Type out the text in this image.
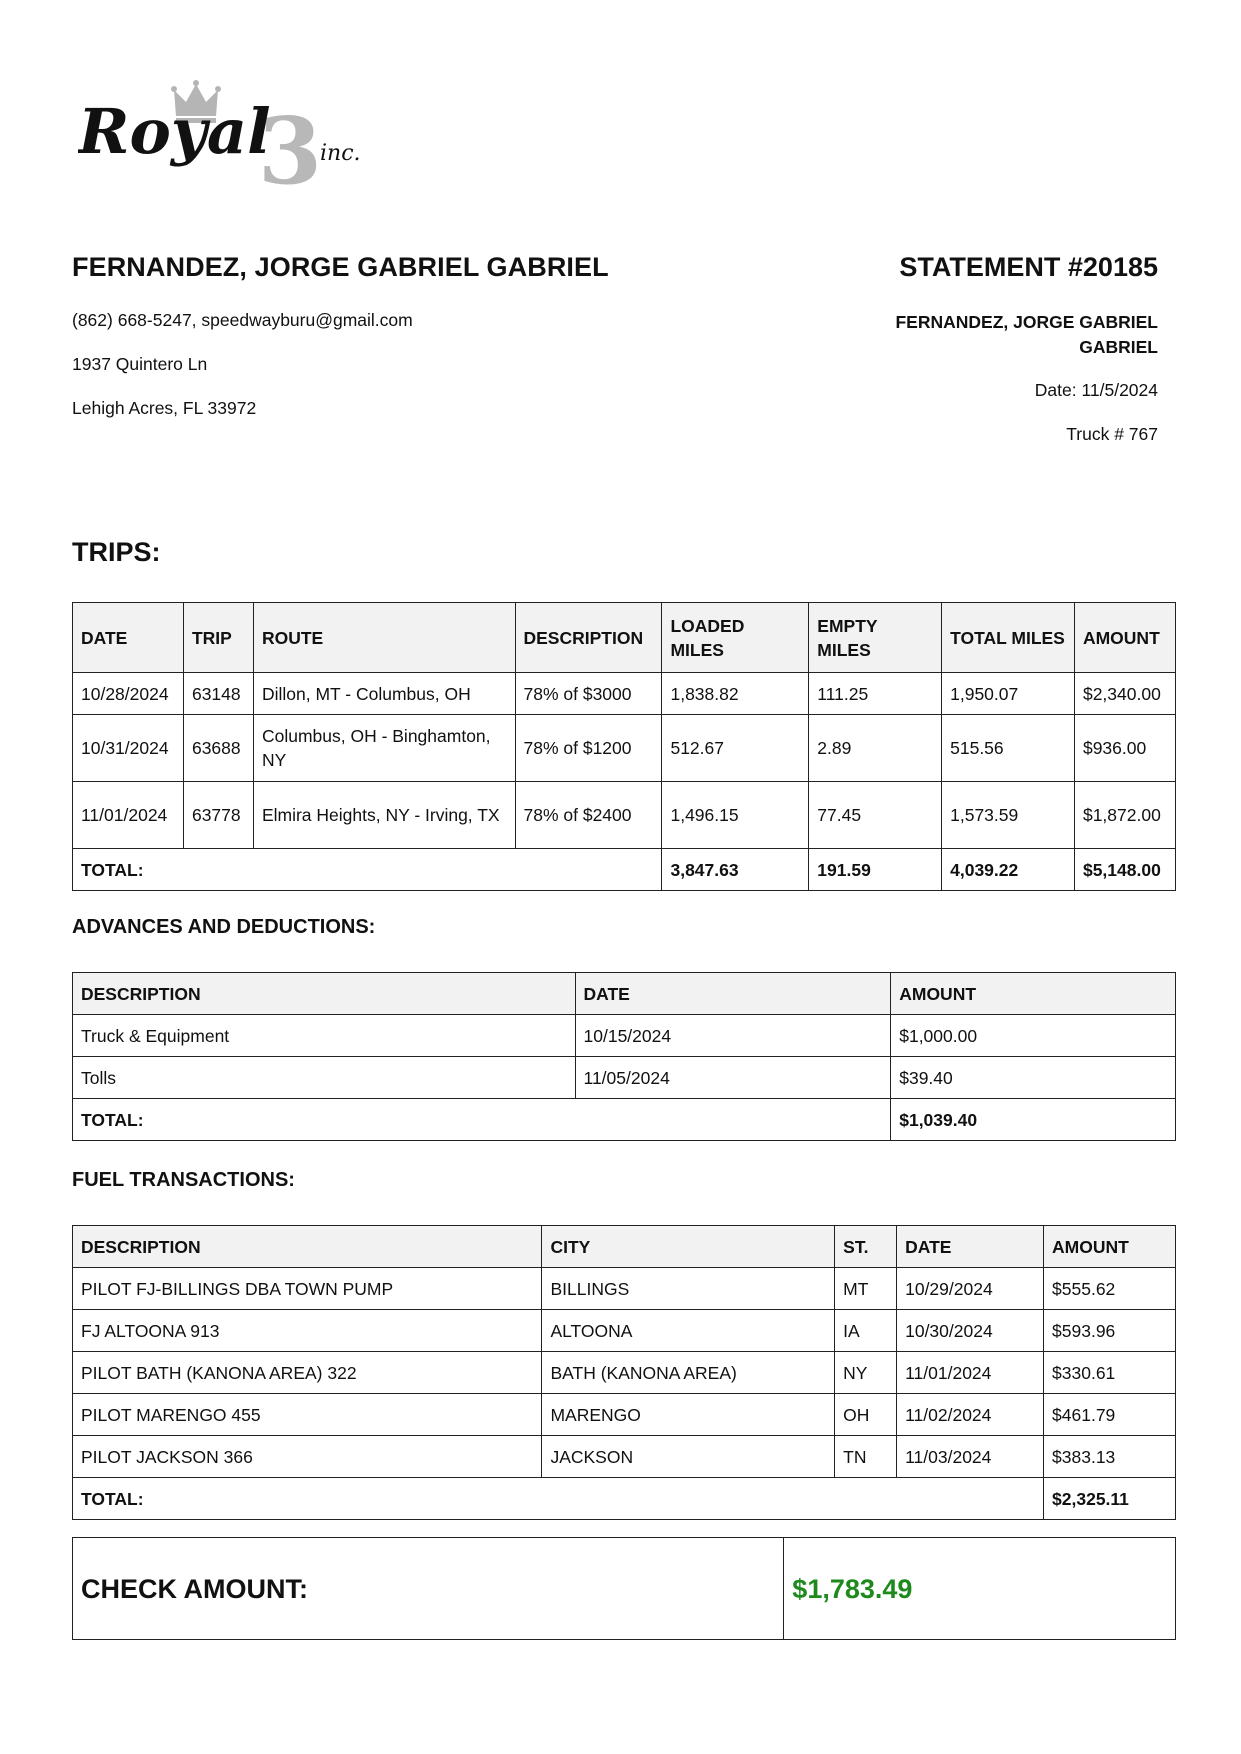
3
Royal inc.
FERNANDEZ, JORGE GABRIEL GABRIEL
(862) 668-5247, speedwayburu@gmail.com
1937 Quintero Ln
Lehigh Acres, FL 33972
STATEMENT #20185
FERNANDEZ, JORGE GABRIEL GABRIEL
Date: 11/5/2024
Truck # 767
TRIPS:
DATE	TRIP	ROUTE	DESCRIPTION	LOADED MILES	EMPTY MILES	TOTAL MILES	AMOUNT
10/28/2024	63148	Dillon, MT - Columbus, OH	78% of $3000	1,838.82	111.25	1,950.07	$2,340.00
10/31/2024	63688	Columbus, OH - Binghamton, NY	78% of $1200	512.67	2.89	515.56	$936.00
11/01/2024	63778	Elmira Heights, NY - Irving, TX	78% of $2400	1,496.15	77.45	1,573.59	$1,872.00
TOTAL:				3,847.63	191.59	4,039.22	$5,148.00
ADVANCES AND DEDUCTIONS:
DESCRIPTION	DATE	AMOUNT
Truck & Equipment	10/15/2024	$1,000.00
Tolls	11/05/2024	$39.40
TOTAL:		$1,039.40
FUEL TRANSACTIONS:
DESCRIPTION	CITY	ST.	DATE	AMOUNT
PILOT FJ-BILLINGS DBA TOWN PUMP	BILLINGS	MT	10/29/2024	$555.62
FJ ALTOONA 913	ALTOONA	IA	10/30/2024	$593.96
PILOT BATH (KANONA AREA) 322	BATH (KANONA AREA)	NY	11/01/2024	$330.61
PILOT MARENGO 455	MARENGO	OH	11/02/2024	$461.79
PILOT JACKSON 366	JACKSON	TN	11/03/2024	$383.13
TOTAL:				$2,325.11
CHECK AMOUNT:	$1,783.49
